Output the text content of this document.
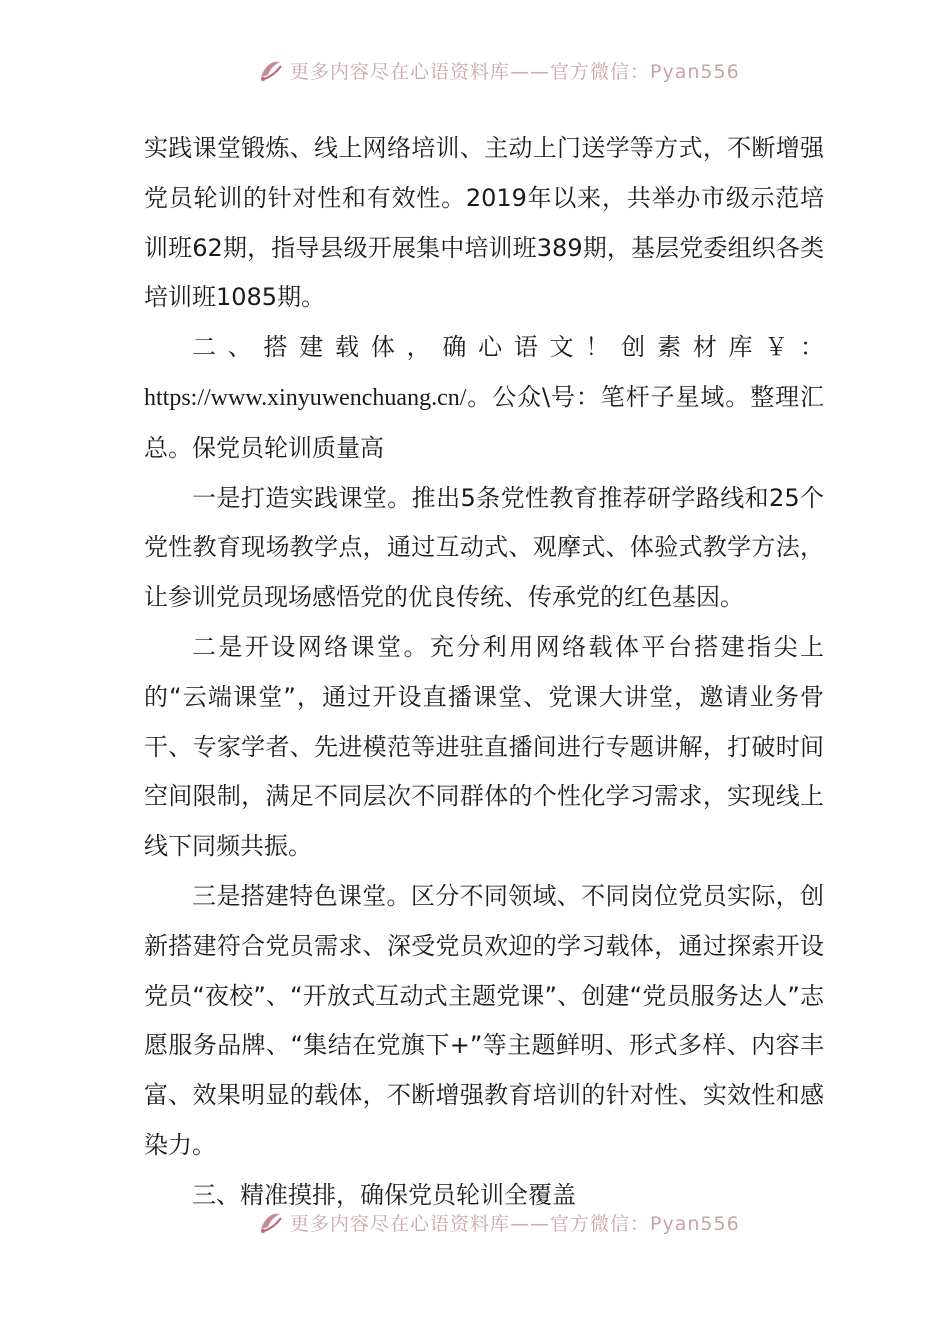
更多内容尽在心语资料库——官方微信：Pyan556

实践课堂锻炼、线上网络培训、主动上门送学等方式，不断增强党员轮训的针对性和有效性。2019年以来，共举办市级示范培训班62期，指导县级开展集中培训班389期，基层党委组织各类培训班1085期。

二、搭建载体，确心语文！创素材库￥：https://www.xinyuwenchuang.cn/。公众\号：笔杆子星域。整理汇总。保党员轮训质量高

一是打造实践课堂。推出5条党性教育推荐研学路线和25个党性教育现场教学点，通过互动式、观摩式、体验式教学方法，让参训党员现场感悟党的优良传统、传承党的红色基因。

二是开设网络课堂。充分利用网络载体平台搭建指尖上的“云端课堂”，通过开设直播课堂、党课大讲堂，邀请业务骨干、专家学者、先进模范等进驻直播间进行专题讲解，打破时间空间限制，满足不同层次不同群体的个性化学习需求，实现线上线下同频共振。

三是搭建特色课堂。区分不同领域、不同岗位党员实际，创新搭建符合党员需求、深受党员欢迎的学习载体，通过探索开设党员“夜校”、“开放式互动式主题党课”、创建“党员服务达人”志愿服务品牌、“集结在党旗下+”等主题鲜明、形式多样、内容丰富、效果明显的载体，不断增强教育培训的针对性、实效性和感染力。

三、精准摸排，确保党员轮训全覆盖

更多内容尽在心语资料库——官方微信：Pyan556
